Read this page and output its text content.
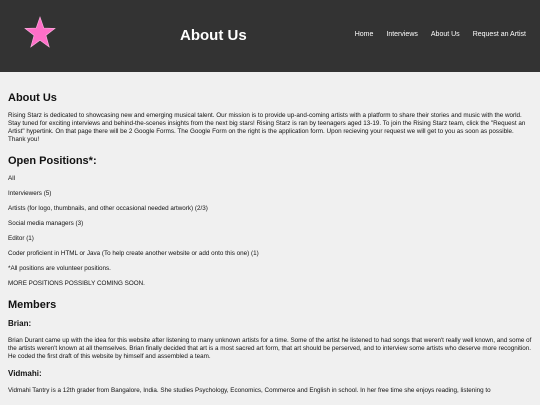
About Us	Home Interviews About Us Request an Artist
About Us

Rising Starz is dedicated to showcasing new and emerging musical talent. Our mission is to provide up-and-coming artists with a platform to share their stories and music with the world. Stay tuned for exciting interviews and behind-the-scenes insights from the next big stars! Rising Starz is ran by teenagers aged 13-19. To join the Rising Starz team, click the "Request an Artist" hypertink. On that page there will be 2 Google Forms. The Google Form on the right is the application form. Upon recieving your request we will get to you as soon as possible. Thank you!

Open Positions*:
All
Interviewers (5)
Artists (for logo, thumbnails, and other occasional needed artwork) (2/3)
Social media managers (3)
Editor (1)
Coder proficient in HTML or Java (To help create another website or add onto this one) (1)
*All positions are volunteer positions.
MORE POSITIONS POSSIBLY COMING SOON.
Members
Brian:

Brian Durant came up with the idea for this website after listening to many unknown artists for a time. Some of the artist he listened to had songs that weren't really well known, and some of the artists weren't known at all themselves. Brian finally decided that art is a most sacred art form, that art should be perserved, and to interview some artists who deserve more recognition. He coded the first draft of this website by himself and assembled a team.

Vidmahi:

Vidmahi Tantry is a 12th grader from Bangalore, India. She studies Psychology, Economics, Commerce and English in school. In her free time she enjoys reading, listening to
